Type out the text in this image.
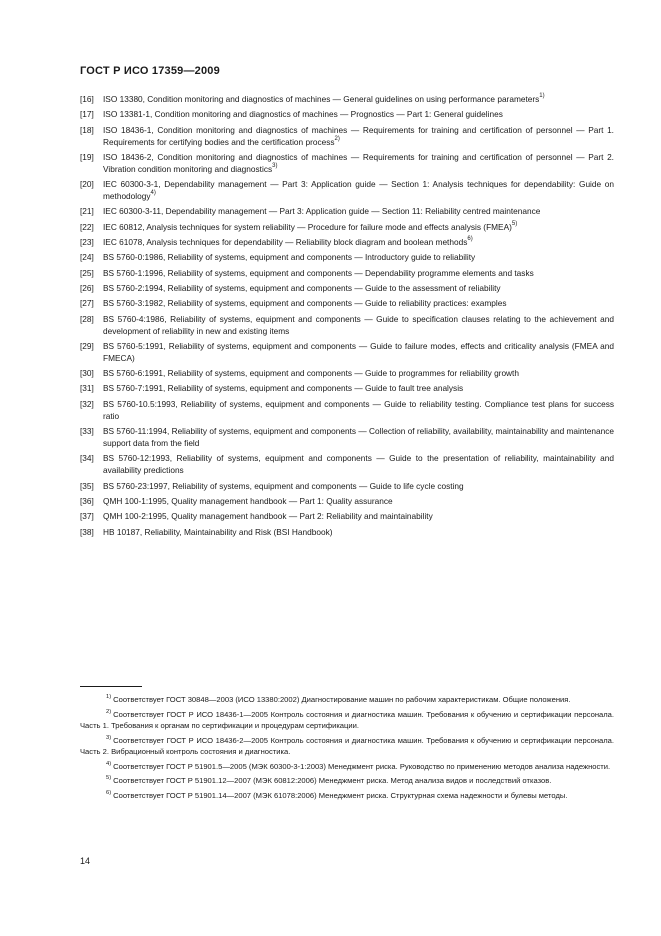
ГОСТ Р ИСО 17359—2009
[16]	ISO 13380, Condition monitoring and diagnostics of machines — General guidelines on using performance parameters$^{1)}$
[17]	ISO 13381-1, Condition monitoring and diagnostics of machines — Prognostics — Part 1: General guidelines
[18]	ISO 18436-1, Condition monitoring and diagnostics of machines — Requirements for training and certification of personnel — Part 1. Requirements for certifying bodies and the certification process$^{2)}$
[19]	ISO 18436-2, Condition monitoring and diagnostics of machines — Requirements for training and certification of personnel — Part 2. Vibration condition monitoring and diagnostics$^{3)}$
[20]	IEC 60300-3-1, Dependability management — Part 3: Application guide — Section 1: Analysis techniques for dependability: Guide on methodology$^{4)}$
[21]	IEC 60300-3-11, Dependability management — Part 3: Application guide — Section 11: Reliability centred maintenance
[22]	IEC 60812, Analysis techniques for system reliability — Procedure for failure mode and effects analysis (FMEA)$^{5)}$
[23]	IEC 61078, Analysis techniques for dependability — Reliability block diagram and boolean methods$^{6)}$
[24]	BS 5760-0:1986, Reliability of systems, equipment and components — Introductory guide to reliability
[25]	BS 5760-1:1996, Reliability of systems, equipment and components — Dependability programme elements and tasks
[26]	BS 5760-2:1994, Reliability of systems, equipment and components — Guide to the assessment of reliability
[27]	BS 5760-3:1982, Reliability of systems, equipment and components — Guide to reliability practices: examples
[28]	BS 5760-4:1986, Reliability of systems, equipment and components — Guide to specification clauses relating to the achievement and development of reliability in new and existing items
[29]	BS 5760-5:1991, Reliability of systems, equipment and components — Guide to failure modes, effects and criticality analysis (FMEA and FMECA)
[30]	BS 5760-6:1991, Reliability of systems, equipment and components — Guide to programmes for reliability growth
[31]	BS 5760-7:1991, Reliability of systems, equipment and components — Guide to fault tree analysis
[32]	BS 5760-10.5:1993, Reliability of systems, equipment and components — Guide to reliability testing. Compliance test plans for success ratio
[33]	BS 5760-11:1994, Reliability of systems, equipment and components — Collection of reliability, availability, maintainability and maintenance support data from the field
[34]	BS 5760-12:1993, Reliability of systems, equipment and components — Guide to the presentation of reliability, maintainability and availability predictions
[35]	BS 5760-23:1997, Reliability of systems, equipment and components — Guide to life cycle costing
[36]	QMH 100-1:1995, Quality management handbook — Part 1: Quality assurance
[37]	QMH 100-2:1995, Quality management handbook — Part 2: Reliability and maintainability
[38]	HB 10187, Reliability, Maintainability and Risk (BSI Handbook)
$^{1)}$ Соответствует ГОСТ 30848—2003 (ИСО 13380:2002) Диагностирование машин по рабочим характеристикам. Общие положения.
$^{2)}$ Соответствует ГОСТ Р ИСО 18436-1—2005 Контроль состояния и диагностика машин. Требования к обучению и сертификации персонала. Часть 1. Требования к органам по сертификации и процедурам сертификации.
$^{3)}$ Соответствует ГОСТ Р ИСО 18436-2—2005 Контроль состояния и диагностика машин. Требования к обучению и сертификации персонала. Часть 2. Вибрационный контроль состояния и диагностика.
$^{4)}$ Соответствует ГОСТ Р 51901.5—2005 (МЭК 60300-3-1:2003) Менеджмент риска. Руководство по применению методов анализа надежности.
$^{5)}$ Соответствует ГОСТ Р 51901.12—2007 (МЭК 60812:2006) Менеджмент риска. Метод анализа видов и последствий отказов.
$^{6)}$ Соответствует ГОСТ Р 51901.14—2007 (МЭК 61078:2006) Менеджмент риска. Структурная схема надежности и булевы методы.
14
